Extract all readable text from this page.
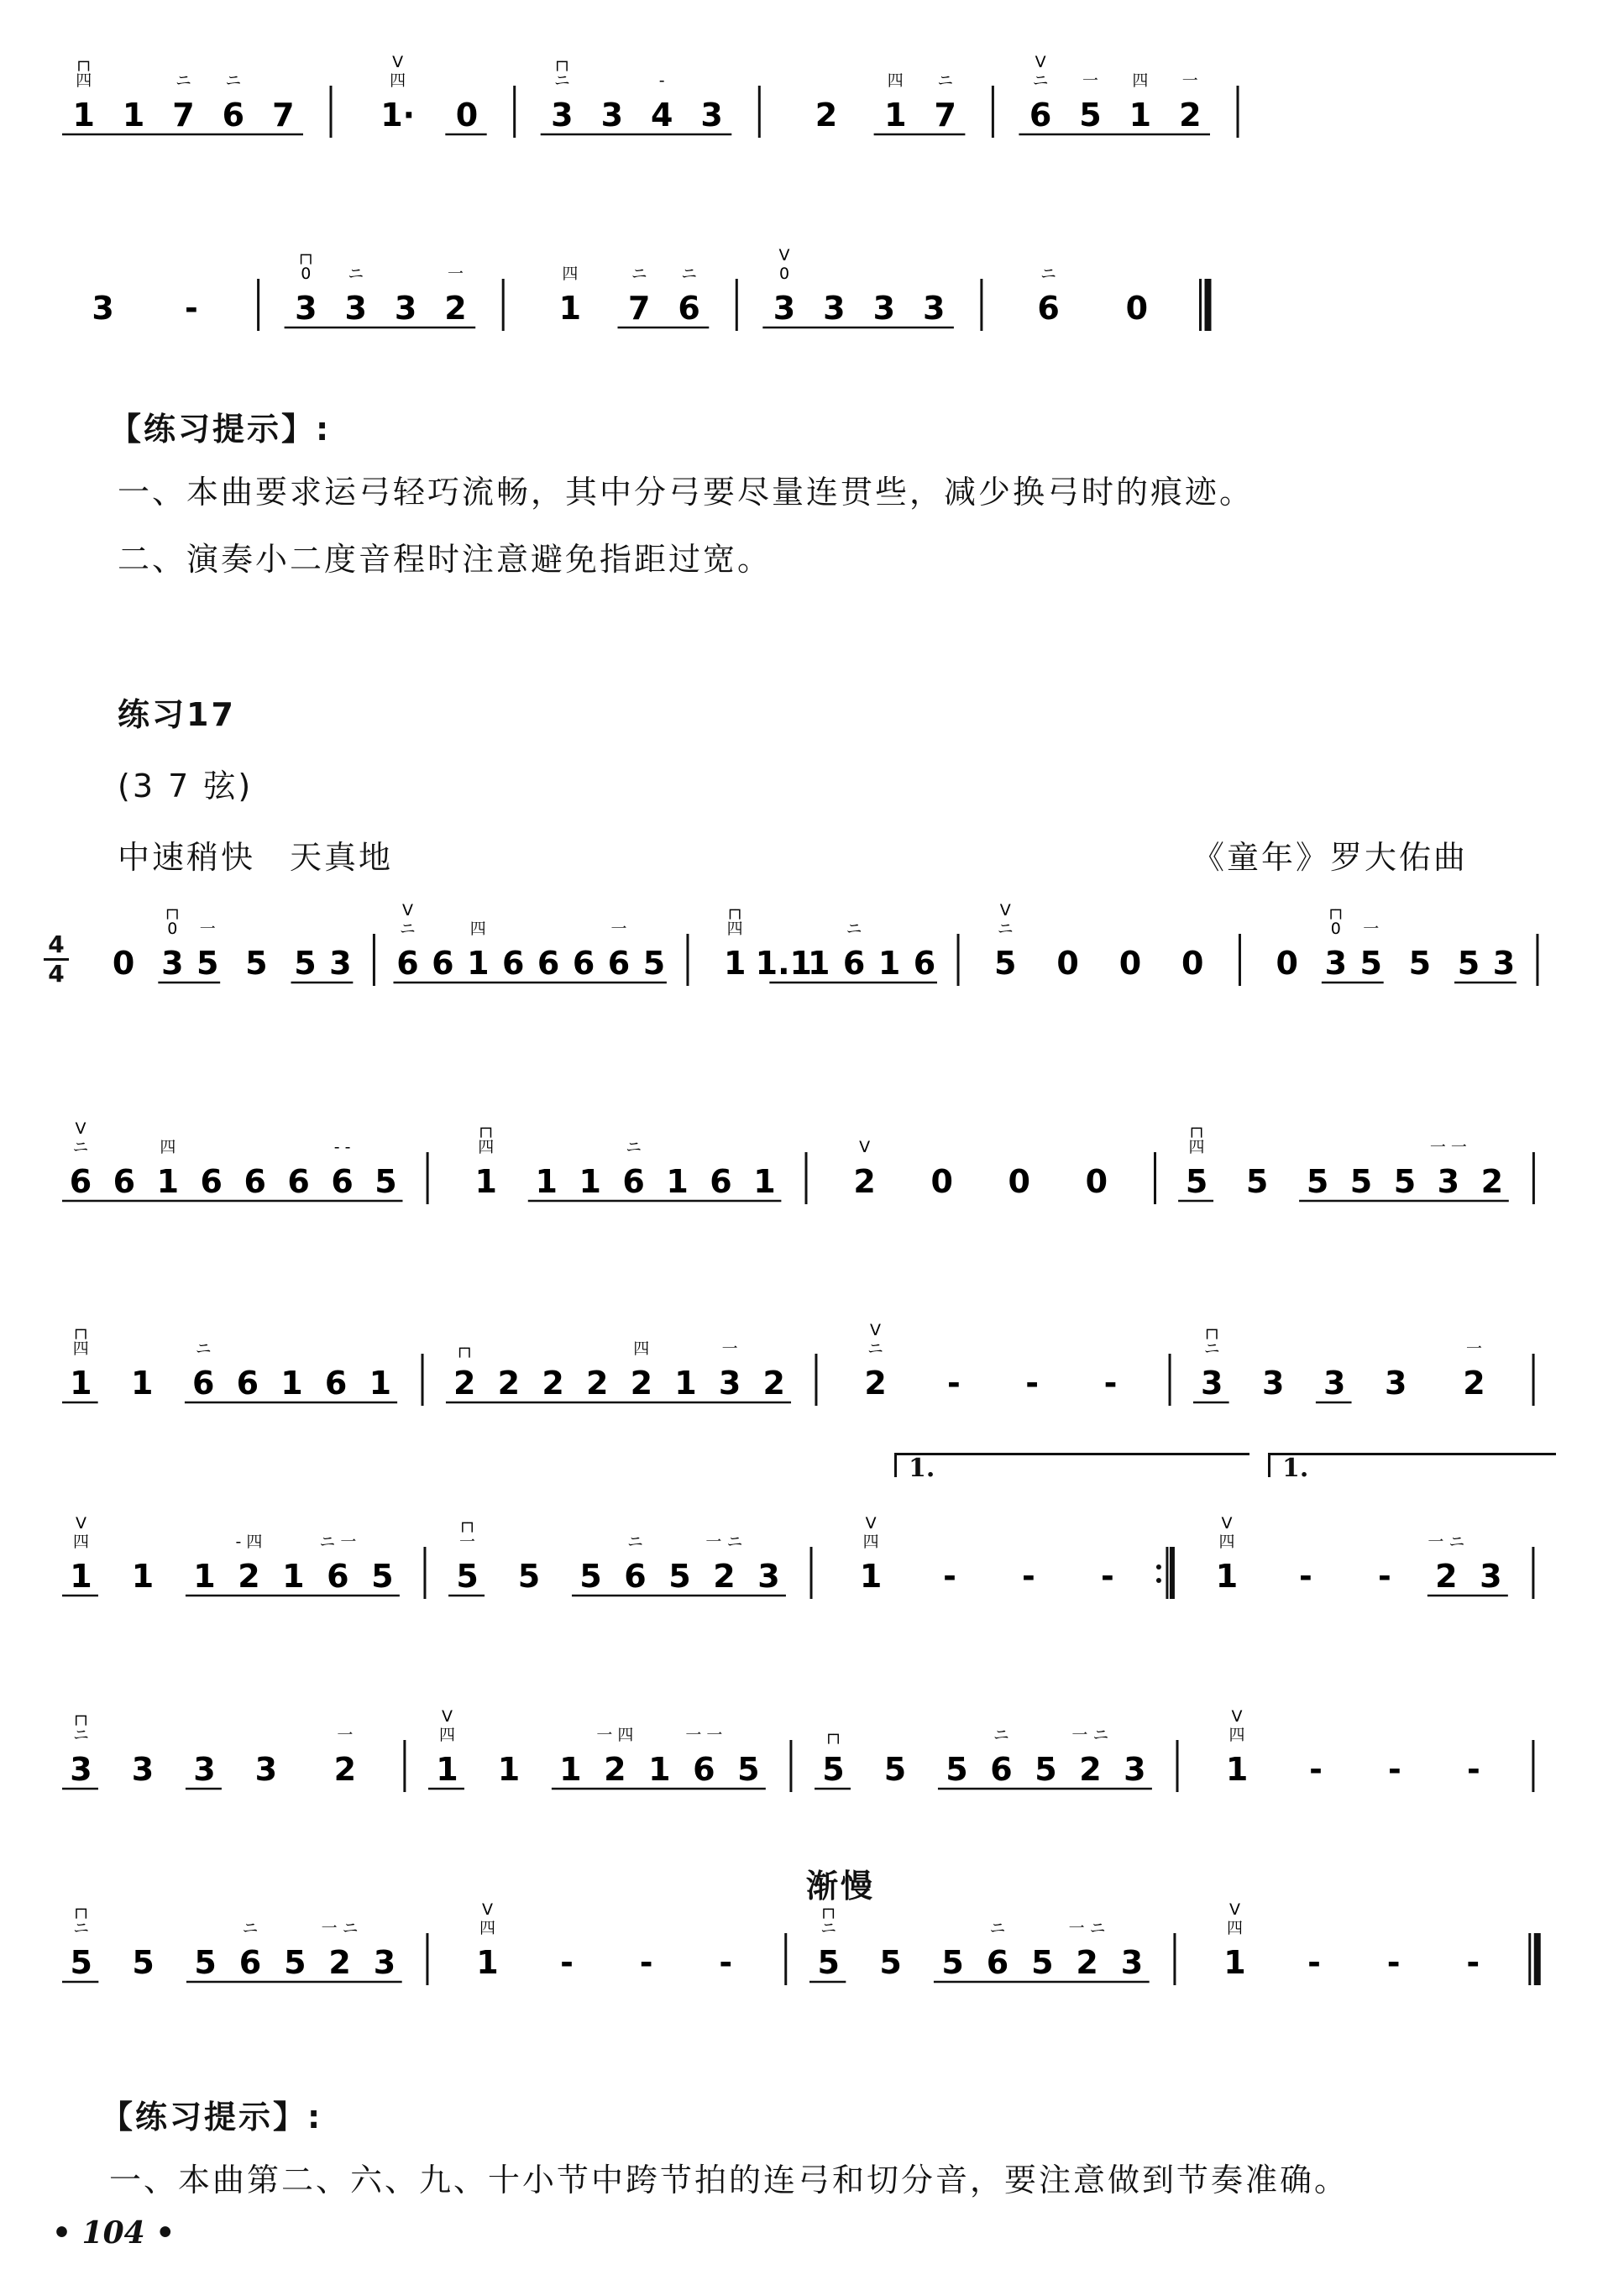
1
┌┐
四
1 7
ニ
6
ニ
7	1·
V
四
0 3
┌┐
ニ
3 4
-
3	2 1
四
7
ニ
6
V
ニ
5
一
1
四
2
一
3 -	3
┌┐
0
3
ニ
3 2
一
1
四
7
ニ
6
ニ
3
V
0
3 3 3	6
ニ
0
【练习提示】:
一、本曲要求运弓轻巧流畅，其中分弓要尽量连贯些，减少换弓时的痕迹。
二、演奏小二度音程时注意避免指距过宽。
练习17
(3 7 弦)
中速稍快　天真地	《童年》罗大佑曲
4
4 0 3
┌┐
0
5
一
5 5 3 6
V
ニ
6 1
四
6 6 6 6
一
5 1
┌┐
四
1.1
1 6
ニ
1 6 5
V
ニ
0 0 0 0 3
┌┐
0
5
一
5 5 3
6
V
ニ
6 1
四
6 6 6 6
- -
5 1
┌┐
四
1 1 6
ニ
1 6 1 2
V
0 0 0 5
┌┐
四
5 5 5 5 3
一 一
2
1
┌┐
四
1 6
ニ
6 1 6 1 2
┌┐
2 2 2 2
四
1 3
一
2 2
V
ニ
- - -	3
┌┐
ニ
3 3 3 2
一
1.	1.
1
V
四
1 1 2
- 四
1 6
ニ 一
5 5
┌┐
一
5 5 6
ニ
5 2
一 ニ
3	1
V
四
- - -	1
V
四
- - 2
一 ニ
3
3
┌┐
ニ
3 3 3 2
一
1
V
四
1 1 2
一 四
1 6
一 一
5 5
┌┐
5 5 6
ニ
5 2
一 ニ
3	1
V
四
- - -
渐慢
5
┌┐
ニ
5 5 6
ニ
5 2
一 ニ
3	1
V
四
- - -	5
┌┐
ニ
5 5 6
ニ
5 2
一 ニ
3	1
V
四
- - -
【练习提示】:
一、本曲第二、六、九、十小节中跨节拍的连弓和切分音，要注意做到节奏准确。
• 104 •
